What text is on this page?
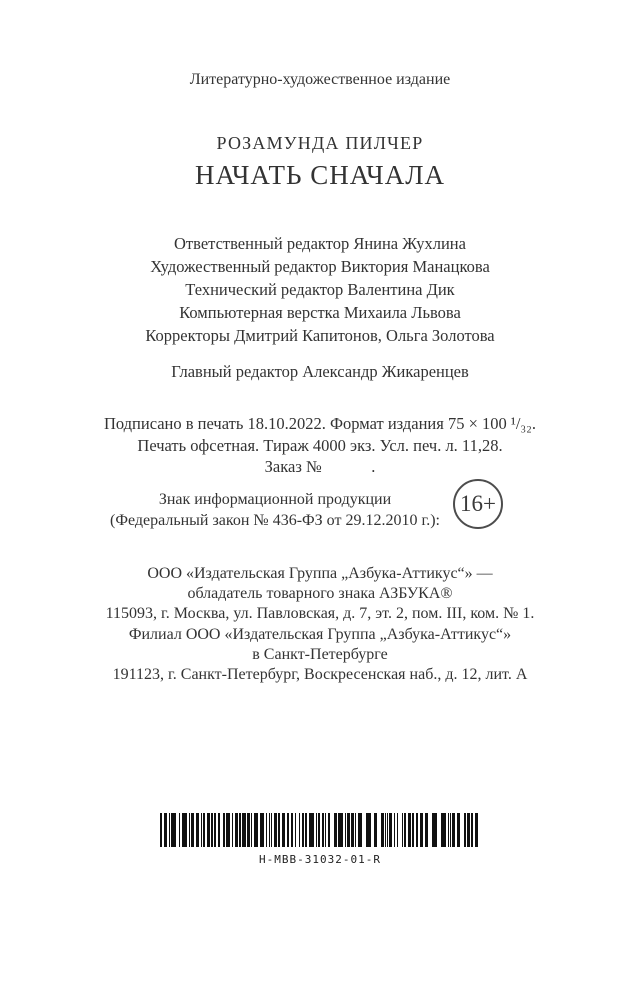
Литературно-художественное издание

РОЗАМУНДА ПИЛЧЕР

НАЧАТЬ СНАЧАЛА

Ответственный редактор Янина Жухлина
Художественный редактор Виктория Манацкова
Технический редактор Валентина Дик
Компьютерная верстка Михаила Львова
Корректоры Дмитрий Капитонов, Ольга Золотова

Главный редактор Александр Жикаренцев

Подписано в печать 18.10.2022. Формат издания 75 × 100 ¹/₃₂.
Печать офсетная. Тираж 4000 экз. Усл. печ. л. 11,28.
Заказ №            .
Знак информационной продукции
(Федеральный закон № 436-ФЗ от 29.12.2010 г.):
16+
ООО «Издательская Группа „Азбука-Аттикус“» —
обладатель товарного знака АЗБУКА®
115093, г. Москва, ул. Павловская, д. 7, эт. 2, пом. III, ком. № 1.
Филиал ООО «Издательская Группа „Азбука-Аттикус“»
в Санкт-Петербурге
191123, г. Санкт-Петербург, Воскресенская наб., д. 12, лит. А
H-MBB-31032-01-R
